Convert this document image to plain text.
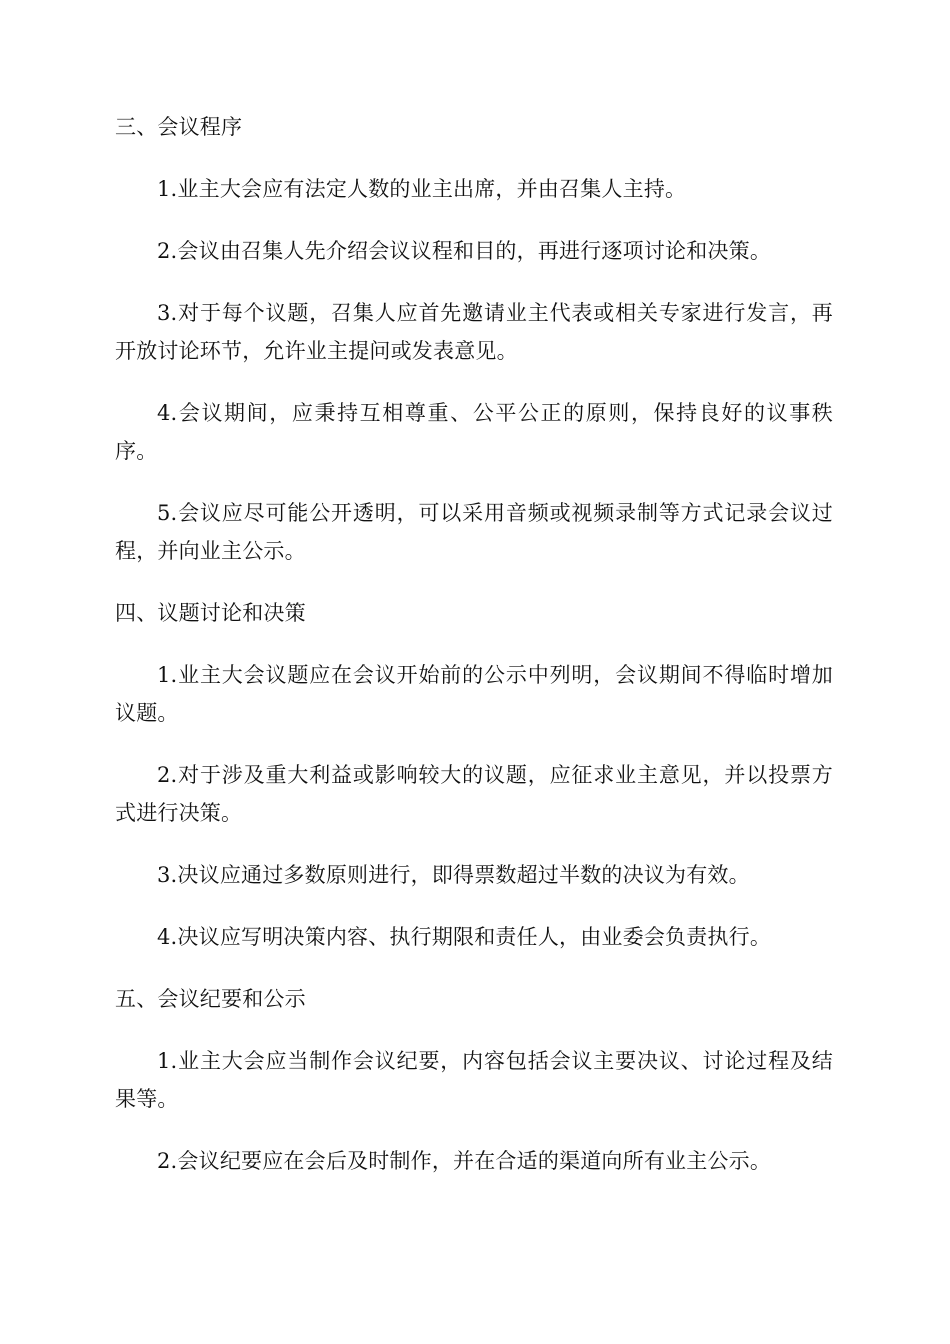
三、会议程序

1.业主大会应有法定人数的业主出席，并由召集人主持。

2.会议由召集人先介绍会议议程和目的，再进行逐项讨论和决策。

3.对于每个议题，召集人应首先邀请业主代表或相关专家进行发言，再开放讨论环节，允许业主提问或发表意见。

4.会议期间，应秉持互相尊重、公平公正的原则，保持良好的议事秩序。

5.会议应尽可能公开透明，可以采用音频或视频录制等方式记录会议过程，并向业主公示。

四、议题讨论和决策

1.业主大会议题应在会议开始前的公示中列明，会议期间不得临时增加议题。

2.对于涉及重大利益或影响较大的议题，应征求业主意见，并以投票方式进行决策。

3.决议应通过多数原则进行，即得票数超过半数的决议为有效。

4.决议应写明决策内容、执行期限和责任人，由业委会负责执行。

五、会议纪要和公示

1.业主大会应当制作会议纪要，内容包括会议主要决议、讨论过程及结果等。

2.会议纪要应在会后及时制作，并在合适的渠道向所有业主公示。
